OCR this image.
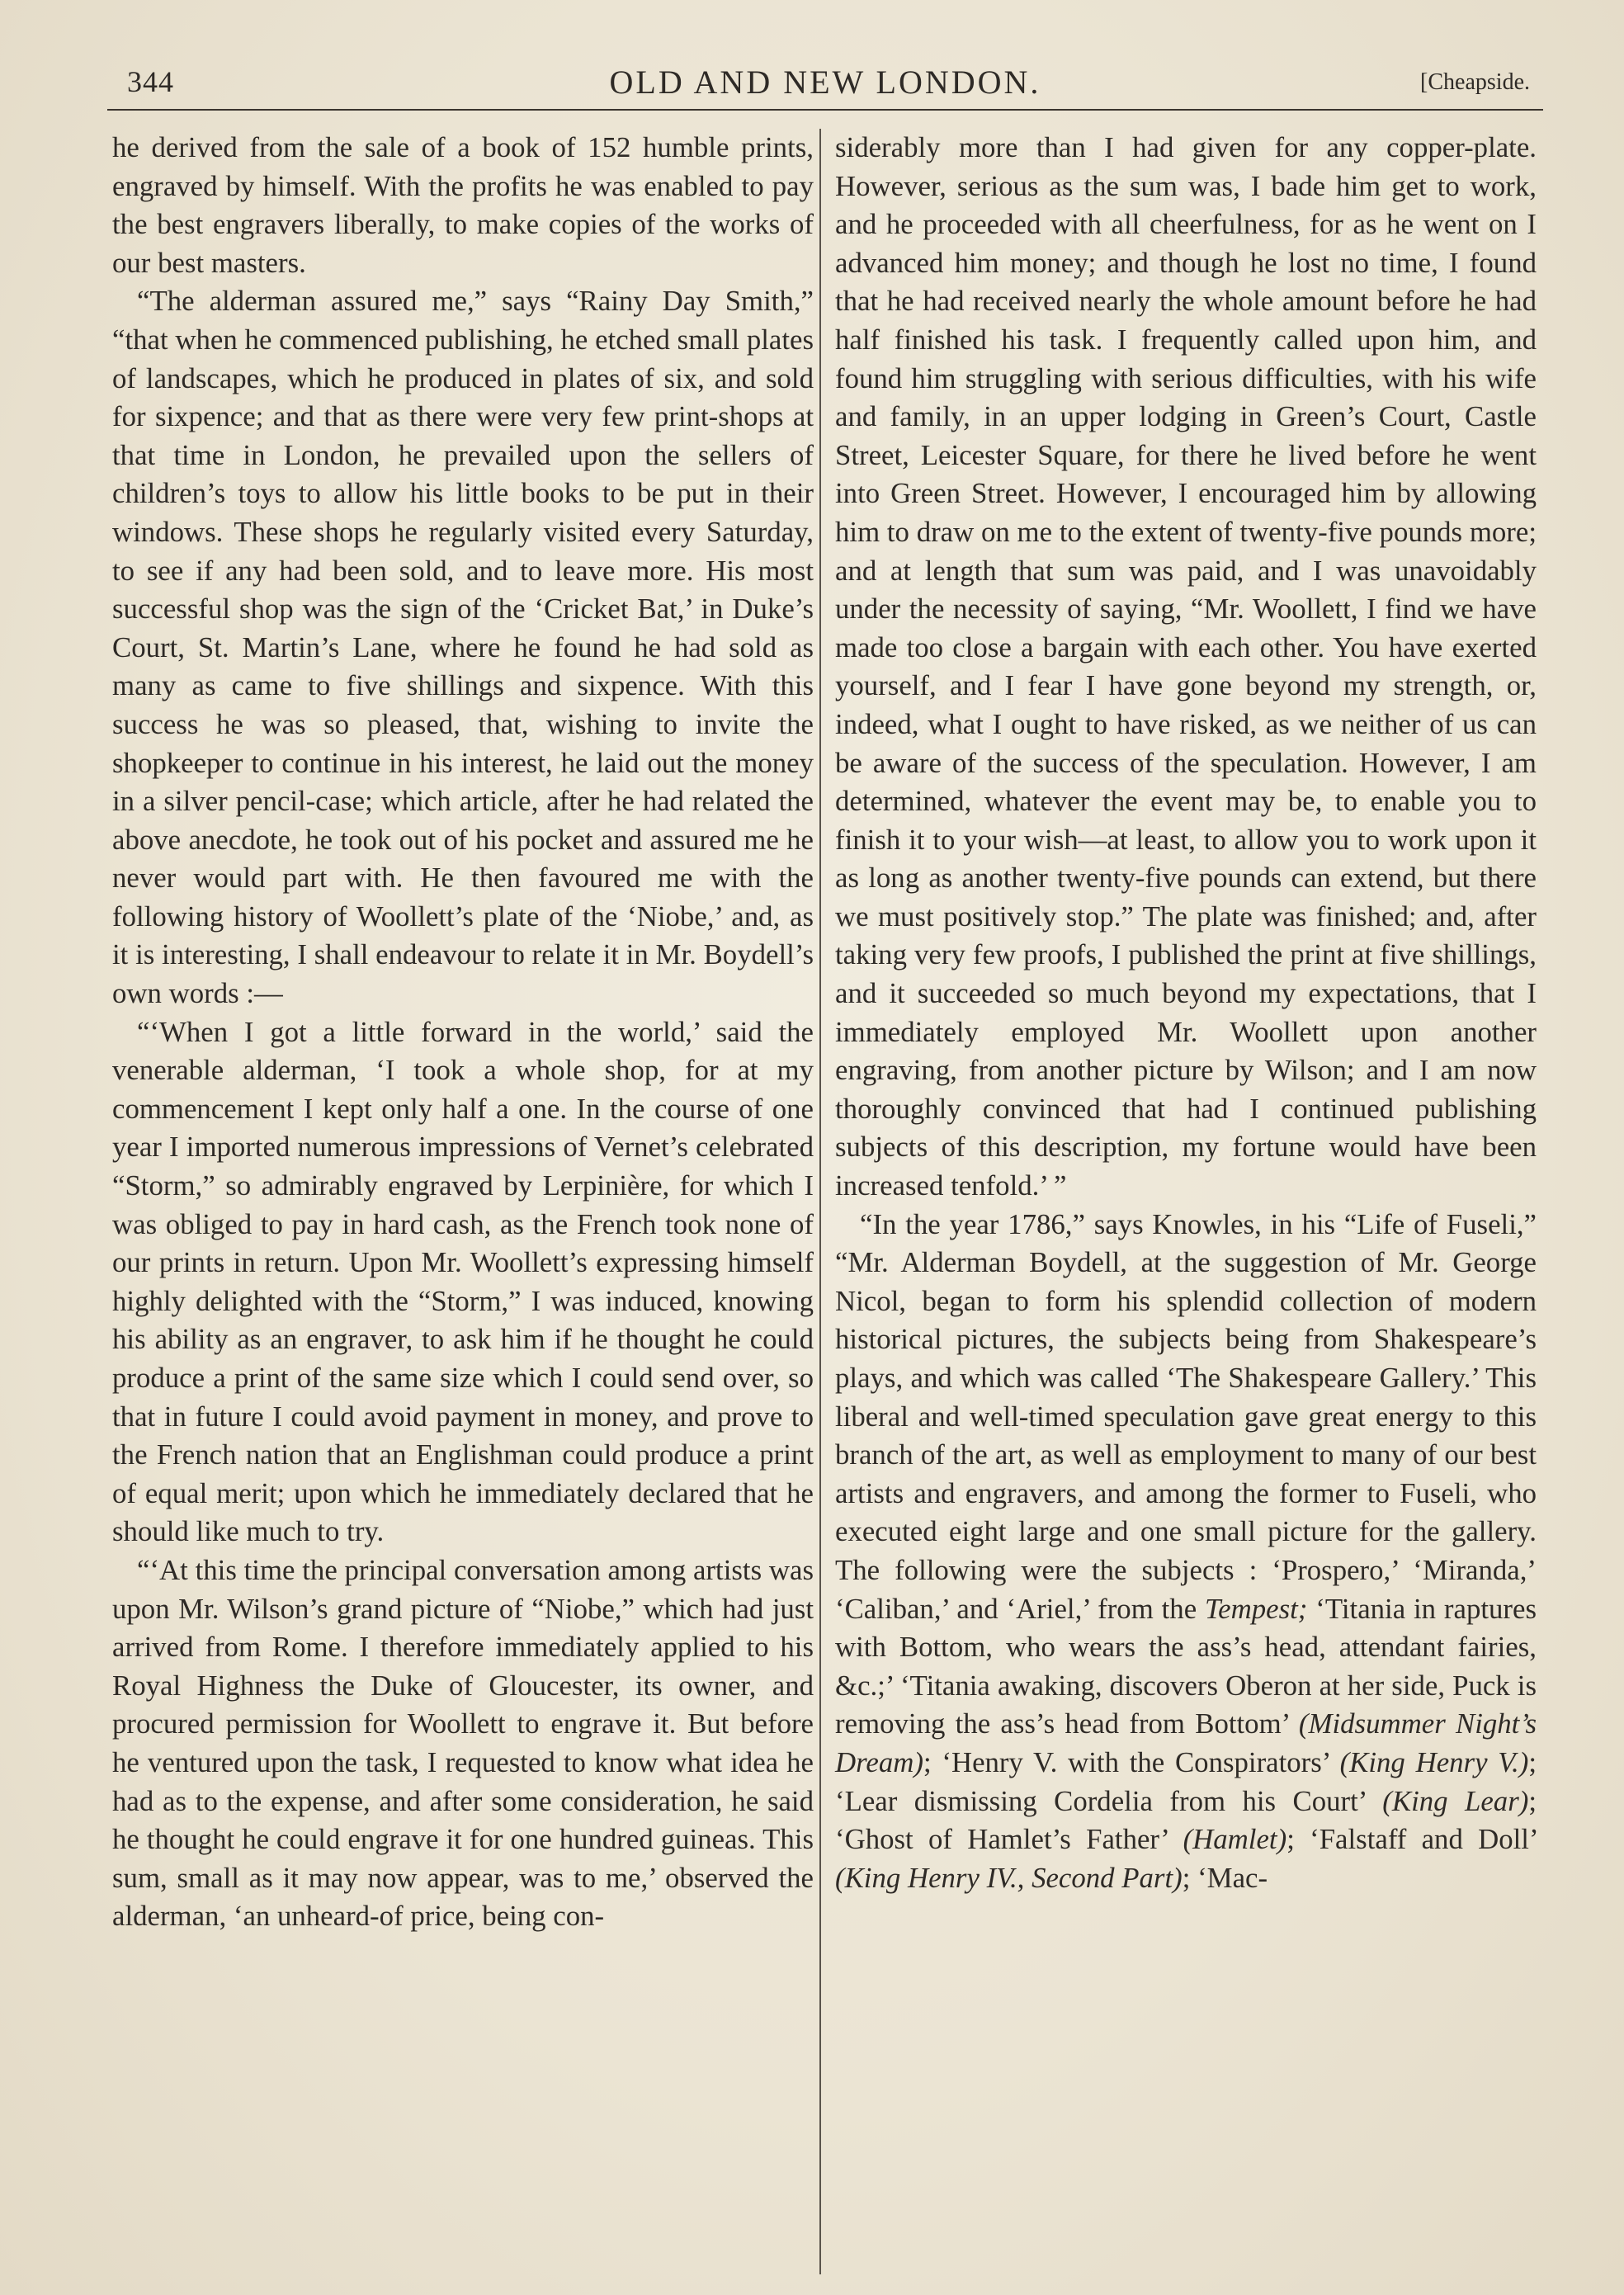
344	OLD AND NEW LONDON.	[Cheapside.

he derived from the sale of a book of 152 humble prints, engraved by himself. With the profits he was enabled to pay the best engravers liberally, to make copies of the works of our best masters.

“The alderman assured me,” says “Rainy Day Smith,” “that when he commenced publishing, he etched small plates of landscapes, which he produced in plates of six, and sold for sixpence; and that as there were very few print-shops at that time in London, he prevailed upon the sellers of children’s toys to allow his little books to be put in their windows. These shops he regularly visited every Saturday, to see if any had been sold, and to leave more. His most successful shop was the sign of the ‘Cricket Bat,’ in Duke’s Court, St. Martin’s Lane, where he found he had sold as many as came to five shillings and sixpence. With this success he was so pleased, that, wishing to invite the shopkeeper to continue in his interest, he laid out the money in a silver pencil-case; which article, after he had related the above anecdote, he took out of his pocket and assured me he never would part with. He then favoured me with the following history of Woollett’s plate of the ‘Niobe,’ and, as it is interesting, I shall endeavour to relate it in Mr. Boydell’s own words :—

“‘When I got a little forward in the world,’ said the venerable alderman, ‘I took a whole shop, for at my commencement I kept only half a one. In the course of one year I imported numerous impressions of Vernet’s celebrated “Storm,” so admirably engraved by Lerpinière, for which I was obliged to pay in hard cash, as the French took none of our prints in return. Upon Mr. Woollett’s expressing himself highly delighted with the “Storm,” I was induced, knowing his ability as an engraver, to ask him if he thought he could produce a print of the same size which I could send over, so that in future I could avoid payment in money, and prove to the French nation that an Englishman could produce a print of equal merit; upon which he immediately declared that he should like much to try.

“‘At this time the principal conversation among artists was upon Mr. Wilson’s grand picture of “Niobe,” which had just arrived from Rome. I therefore immediately applied to his Royal Highness the Duke of Gloucester, its owner, and procured permission for Woollett to engrave it. But before he ventured upon the task, I requested to know what idea he had as to the expense, and after some consideration, he said he thought he could engrave it for one hundred guineas. This sum, small as it may now appear, was to me,’ observed the alderman, ‘an unheard-of price, being con-

siderably more than I had given for any copper-plate. However, serious as the sum was, I bade him get to work, and he proceeded with all cheerfulness, for as he went on I advanced him money; and though he lost no time, I found that he had received nearly the whole amount before he had half finished his task. I frequently called upon him, and found him struggling with serious difficulties, with his wife and family, in an upper lodging in Green’s Court, Castle Street, Leicester Square, for there he lived before he went into Green Street. However, I encouraged him by allowing him to draw on me to the extent of twenty-five pounds more; and at length that sum was paid, and I was unavoidably under the necessity of saying, “Mr. Woollett, I find we have made too close a bargain with each other. You have exerted yourself, and I fear I have gone beyond my strength, or, indeed, what I ought to have risked, as we neither of us can be aware of the success of the speculation. However, I am determined, whatever the event may be, to enable you to finish it to your wish—at least, to allow you to work upon it as long as another twenty-five pounds can extend, but there we must positively stop.” The plate was finished; and, after taking very few proofs, I published the print at five shillings, and it succeeded so much beyond my expectations, that I immediately employed Mr. Woollett upon another engraving, from another picture by Wilson; and I am now thoroughly convinced that had I continued publishing subjects of this description, my fortune would have been increased tenfold.’ ”

“In the year 1786,” says Knowles, in his “Life of Fuseli,” “Mr. Alderman Boydell, at the suggestion of Mr. George Nicol, began to form his splendid collection of modern historical pictures, the subjects being from Shakespeare’s plays, and which was called ‘The Shakespeare Gallery.’ This liberal and well-timed speculation gave great energy to this branch of the art, as well as employment to many of our best artists and engravers, and among the former to Fuseli, who executed eight large and one small picture for the gallery. The following were the subjects : ‘Prospero,’ ‘Miranda,’ ‘Caliban,’ and ‘Ariel,’ from the Tempest; ‘Titania in raptures with Bottom, who wears the ass’s head, attendant fairies, &c.;’ ‘Titania awaking, discovers Oberon at her side, Puck is removing the ass’s head from Bottom’ (Midsummer Night’s Dream); ‘Henry V. with the Conspirators’ (King Henry V.); ‘Lear dismissing Cordelia from his Court’ (King Lear); ‘Ghost of Hamlet’s Father’ (Hamlet); ‘Falstaff and Doll’ (King Henry IV., Second Part); ‘Mac-
